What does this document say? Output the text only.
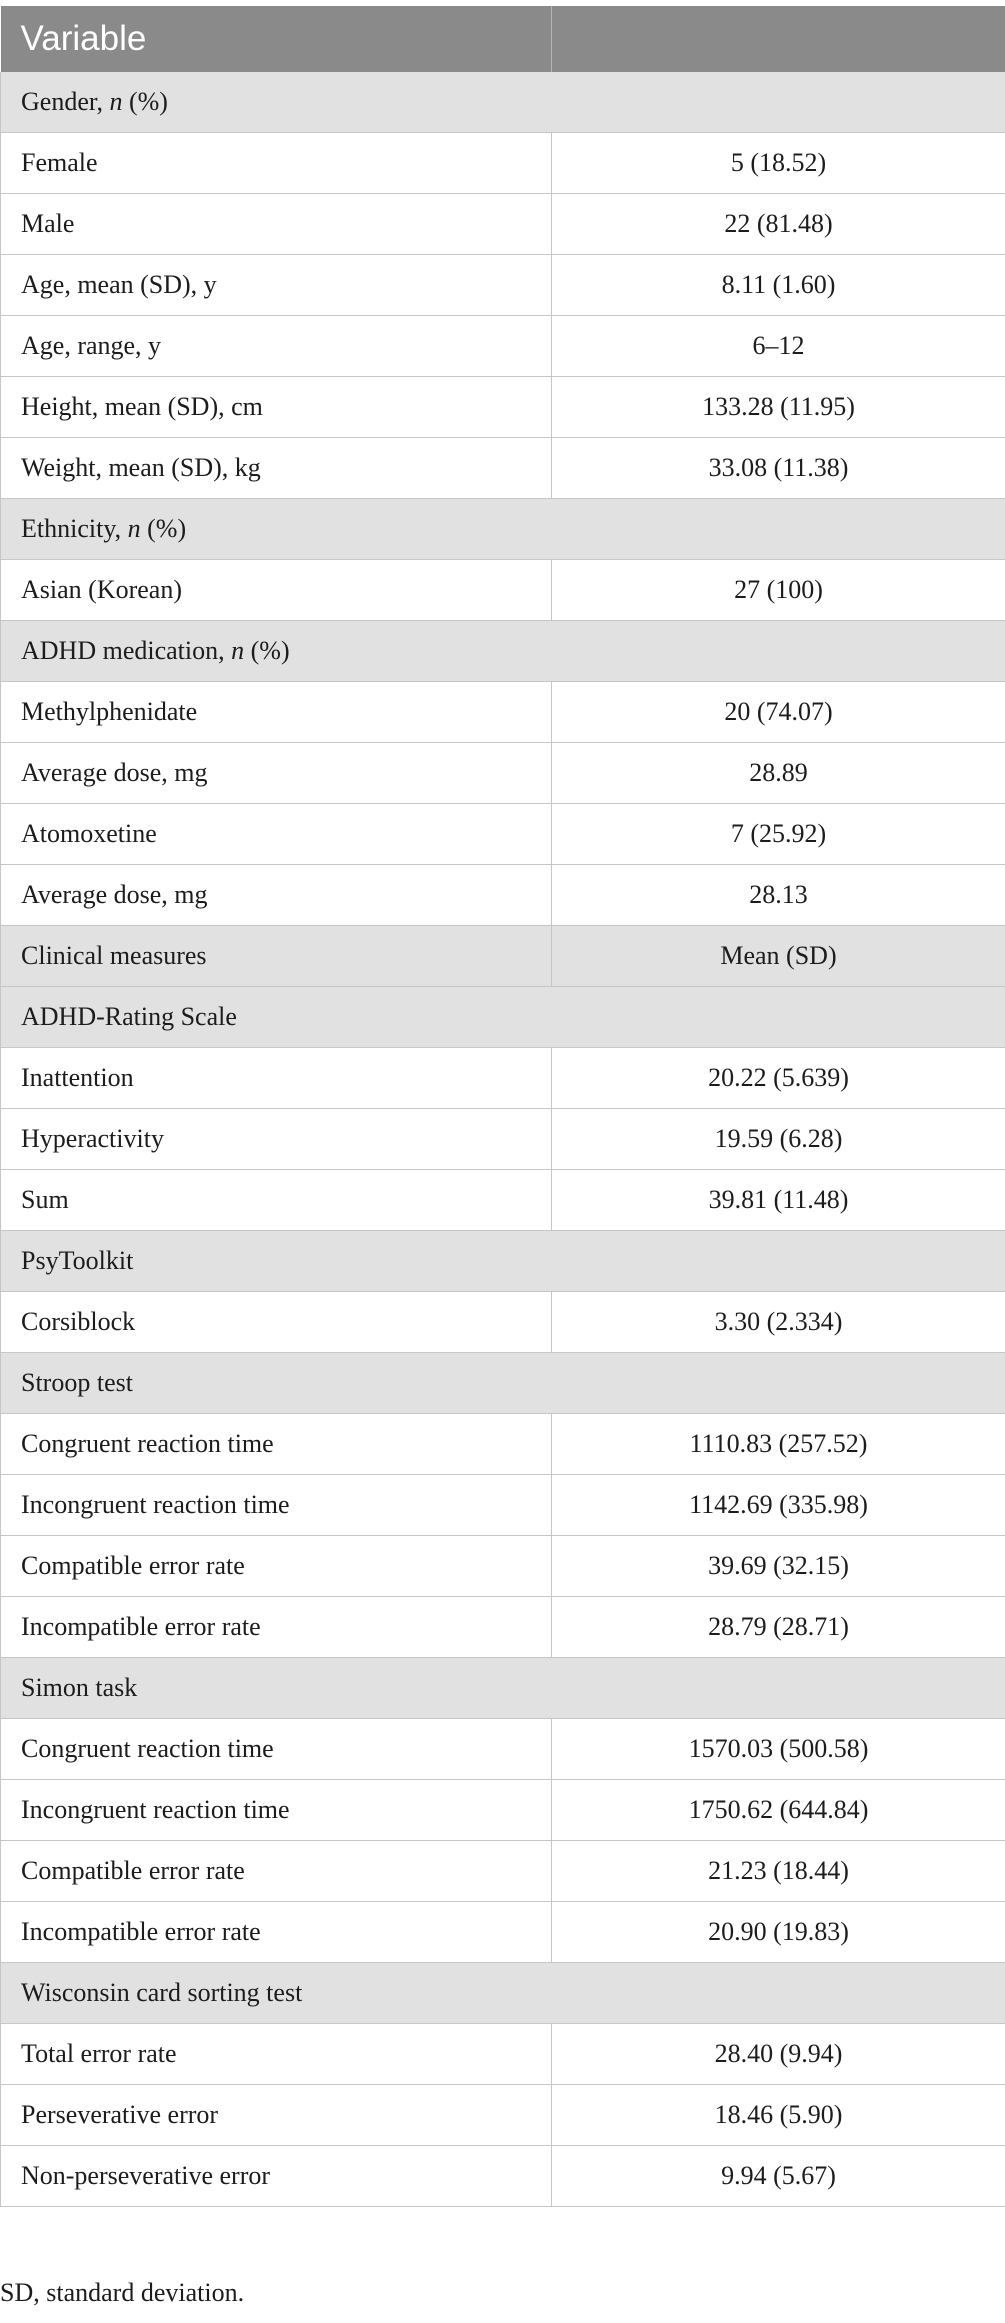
Variable	
Gender, n (%)	
Female	5 (18.52)
Male	22 (81.48)
Age, mean (SD), y	8.11 (1.60)
Age, range, y	6–12
Height, mean (SD), cm	133.28 (11.95)
Weight, mean (SD), kg	33.08 (11.38)
Ethnicity, n (%)	
Asian (Korean)	27 (100)
ADHD medication, n (%)	
Methylphenidate	20 (74.07)
Average dose, mg	28.89
Atomoxetine	7 (25.92)
Average dose, mg	28.13
Clinical measures	Mean (SD)
ADHD-Rating Scale	
Inattention	20.22 (5.639)
Hyperactivity	19.59 (6.28)
Sum	39.81 (11.48)
PsyToolkit	
Corsiblock	3.30 (2.334)
Stroop test	
Congruent reaction time	1110.83 (257.52)
Incongruent reaction time	1142.69 (335.98)
Compatible error rate	39.69 (32.15)
Incompatible error rate	28.79 (28.71)
Simon task	
Congruent reaction time	1570.03 (500.58)
Incongruent reaction time	1750.62 (644.84)
Compatible error rate	21.23 (18.44)
Incompatible error rate	20.90 (19.83)
Wisconsin card sorting test	
Total error rate	28.40 (9.94)
Perseverative error	18.46 (5.90)
Non-perseverative error	9.94 (5.67)
SD, standard deviation.
